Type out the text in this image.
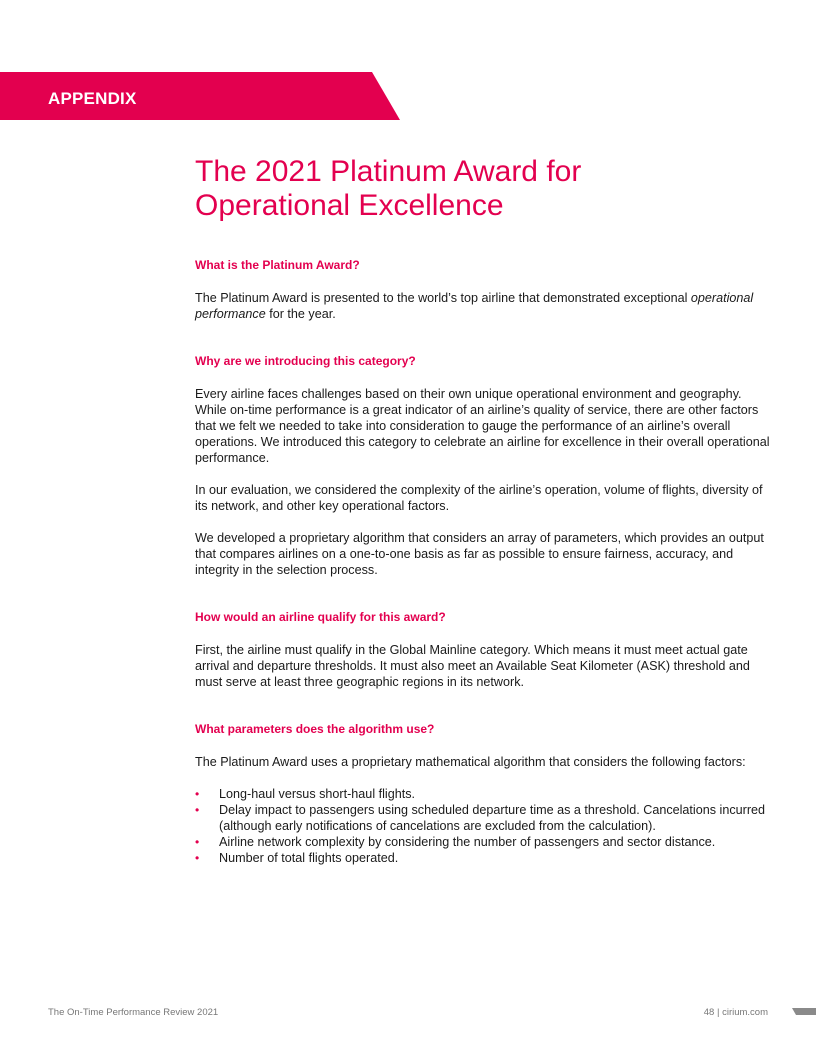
APPENDIX
The 2021 Platinum Award for
Operational Excellence
What is the Platinum Award?

The Platinum Award is presented to the world’s top airline that demonstrated exceptional operational performance for the year.

Why are we introducing this category?

Every airline faces challenges based on their own unique operational environment and geography. While on-time performance is a great indicator of an airline’s quality of service, there are other factors that we felt we needed to take into consideration to gauge the performance of an airline’s overall operations. We introduced this category to celebrate an airline for excellence in their overall operational performance.

In our evaluation, we considered the complexity of the airline’s operation, volume of flights, diversity of its network, and other key operational factors.

We developed a proprietary algorithm that considers an array of parameters, which provides an output that compares airlines on a one-to-one basis as far as possible to ensure fairness, accuracy, and integrity in the selection process.

How would an airline qualify for this award?

First, the airline must qualify in the Global Mainline category. Which means it must meet actual gate arrival and departure thresholds. It must also meet an Available Seat Kilometer (ASK) threshold and must serve at least three geographic regions in its network.

What parameters does the algorithm use?

The Platinum Award uses a proprietary mathematical algorithm that considers the following factors:

• Long-haul versus short-haul flights.
• Delay impact to passengers using scheduled departure time as a threshold. Cancelations incurred (although early notifications of cancelations are excluded from the calculation).
• Airline network complexity by considering the number of passengers and sector distance.
• Number of total flights operated.
The On-Time Performance Review 2021	48 | cirium.com
